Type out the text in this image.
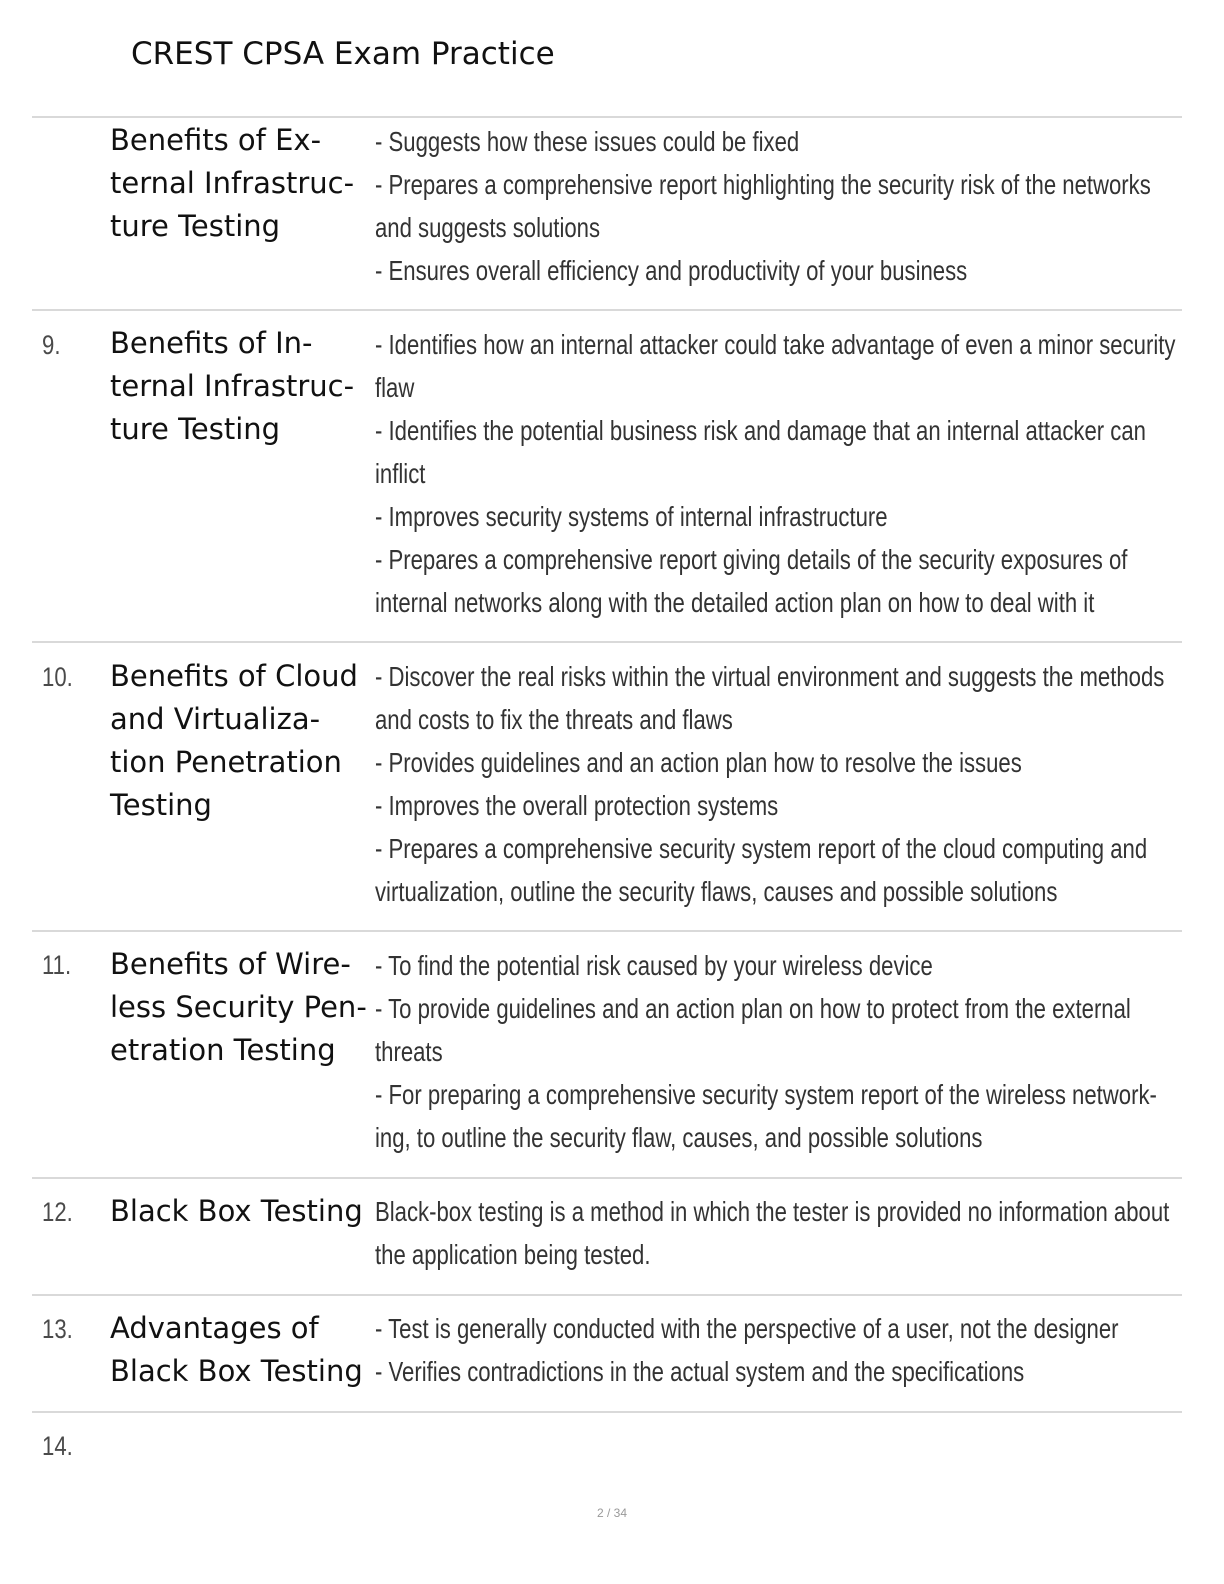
CREST CPSA Exam Practice
Benefits of Ex-
ternal Infrastruc-
ture Testing
- Suggests how these issues could be fixed
- Prepares a comprehensive report highlighting the security risk of the networks
and suggests solutions
- Ensures overall efficiency and productivity of your business
9. Benefits of In-
ternal Infrastruc-
ture Testing
- Identifies how an internal attacker could take advantage of even a minor security
flaw
- Identifies the potential business risk and damage that an internal attacker can
inflict
- Improves security systems of internal infrastructure
- Prepares a comprehensive report giving details of the security exposures of
internal networks along with the detailed action plan on how to deal with it
10. Benefits of Cloud
and Virtualiza-
tion Penetration
Testing
- Discover the real risks within the virtual environment and suggests the methods
and costs to fix the threats and flaws
- Provides guidelines and an action plan how to resolve the issues
- Improves the overall protection systems
- Prepares a comprehensive security system report of the cloud computing and
virtualization, outline the security flaws, causes and possible solutions
11. Benefits of Wire-
less Security Pen-
etration Testing
- To find the potential risk caused by your wireless device
- To provide guidelines and an action plan on how to protect from the external
threats
- For preparing a comprehensive security system report of the wireless network-
ing, to outline the security flaw, causes, and possible solutions
12. Black Box Testing Black-box testing is a method in which the tester is provided no information about
the application being tested.
13. Advantages of
Black Box Testing
- Test is generally conducted with the perspective of a user, not the designer
- Verifies contradictions in the actual system and the specifications
14.
2 / 34
